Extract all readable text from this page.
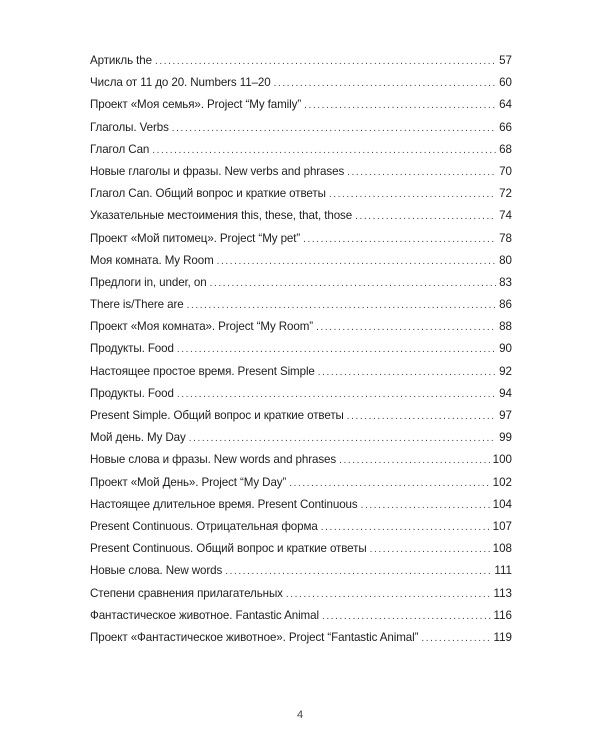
Артикль the .....	57
Числа от 11 до 20. Numbers 11–20 .....	60
Проект «Моя семья». Project “My family” .....	64
Глаголы. Verbs .....	66
Глагол Can .....	68
Новые глаголы и фразы. New verbs and phrases .....	70
Глагол Can. Общий вопрос и краткие ответы .....	72
Указательные местоимения this, these, that, those .....	74
Проект «Мой питомец». Project “My pet” .....	78
Моя комната. My Room .....	80
Предлоги in, under, on .....	83
There is/There are .....	86
Проект «Моя комната». Project “My Room” .....	88
Продукты. Food .....	90
Настоящее простое время. Present Simple .....	92
Продукты. Food .....	94
Present Simple. Общий вопрос и краткие ответы .....	97
Мой день. My Day .....	99
Новые слова и фразы. New words and phrases .....	100
Проект «Мой День». Project “My Day” .....	102
Настоящее длительное время. Present Continuous .....	104
Present Continuous. Отрицательная форма .....	107
Present Continuous. Общий вопрос и краткие ответы .....	108
Новые слова. New words .....	111
Степени сравнения прилагательных .....	113
Фантастическое животное. Fantastic Animal .....	116
Проект «Фантастическое животное». Project “Fantastic Animal” .....	119
4
